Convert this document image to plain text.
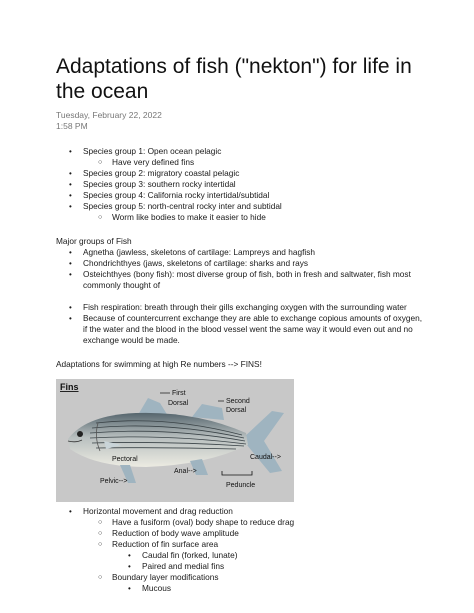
Adaptations of fish ("nekton") for life in the ocean
Tuesday, February 22, 2022
1:58 PM
• Species group 1: Open ocean pelagic
○ Have very defined fins
• Species group 2: migratory coastal pelagic
• Species group 3: southern rocky intertidal
• Species group 4: California rocky intertidal/subtidal
• Species group 5: north-central rocky inter and subtidal
○ Worm like bodies to make it easier to hide
Major groups of Fish
• Agnetha (jawless, skeletons of cartilage: Lampreys and hagfish
• Chondrichthyes (jaws, skeletons of cartilage: sharks and rays
• Osteichthyes (bony fish): most diverse group of fish, both in fresh and saltwater, fish most commonly thought of
• Fish respiration: breath through their gills exchanging oxygen with the surrounding water
• Because of countercurrent exchange they are able to exchange copious amounts of oxygen, if the water and the blood in the blood vessel went the same way it would even out and no exchange would be made.
Adaptations for swimming at high Re numbers --> FINS!
Fins
First
Dorsal	Second
Dorsal
Pectoral	Caudal-->
Anal-->
Pelvic-->
Peduncle
• Horizontal movement and drag reduction
○ Have a fusiform (oval) body shape to reduce drag
○ Reduction of body wave amplitude
○ Reduction of fin surface area
• Caudal fin (forked, lunate)
• Paired and medial fins
○ Boundary layer modifications
• Mucous
